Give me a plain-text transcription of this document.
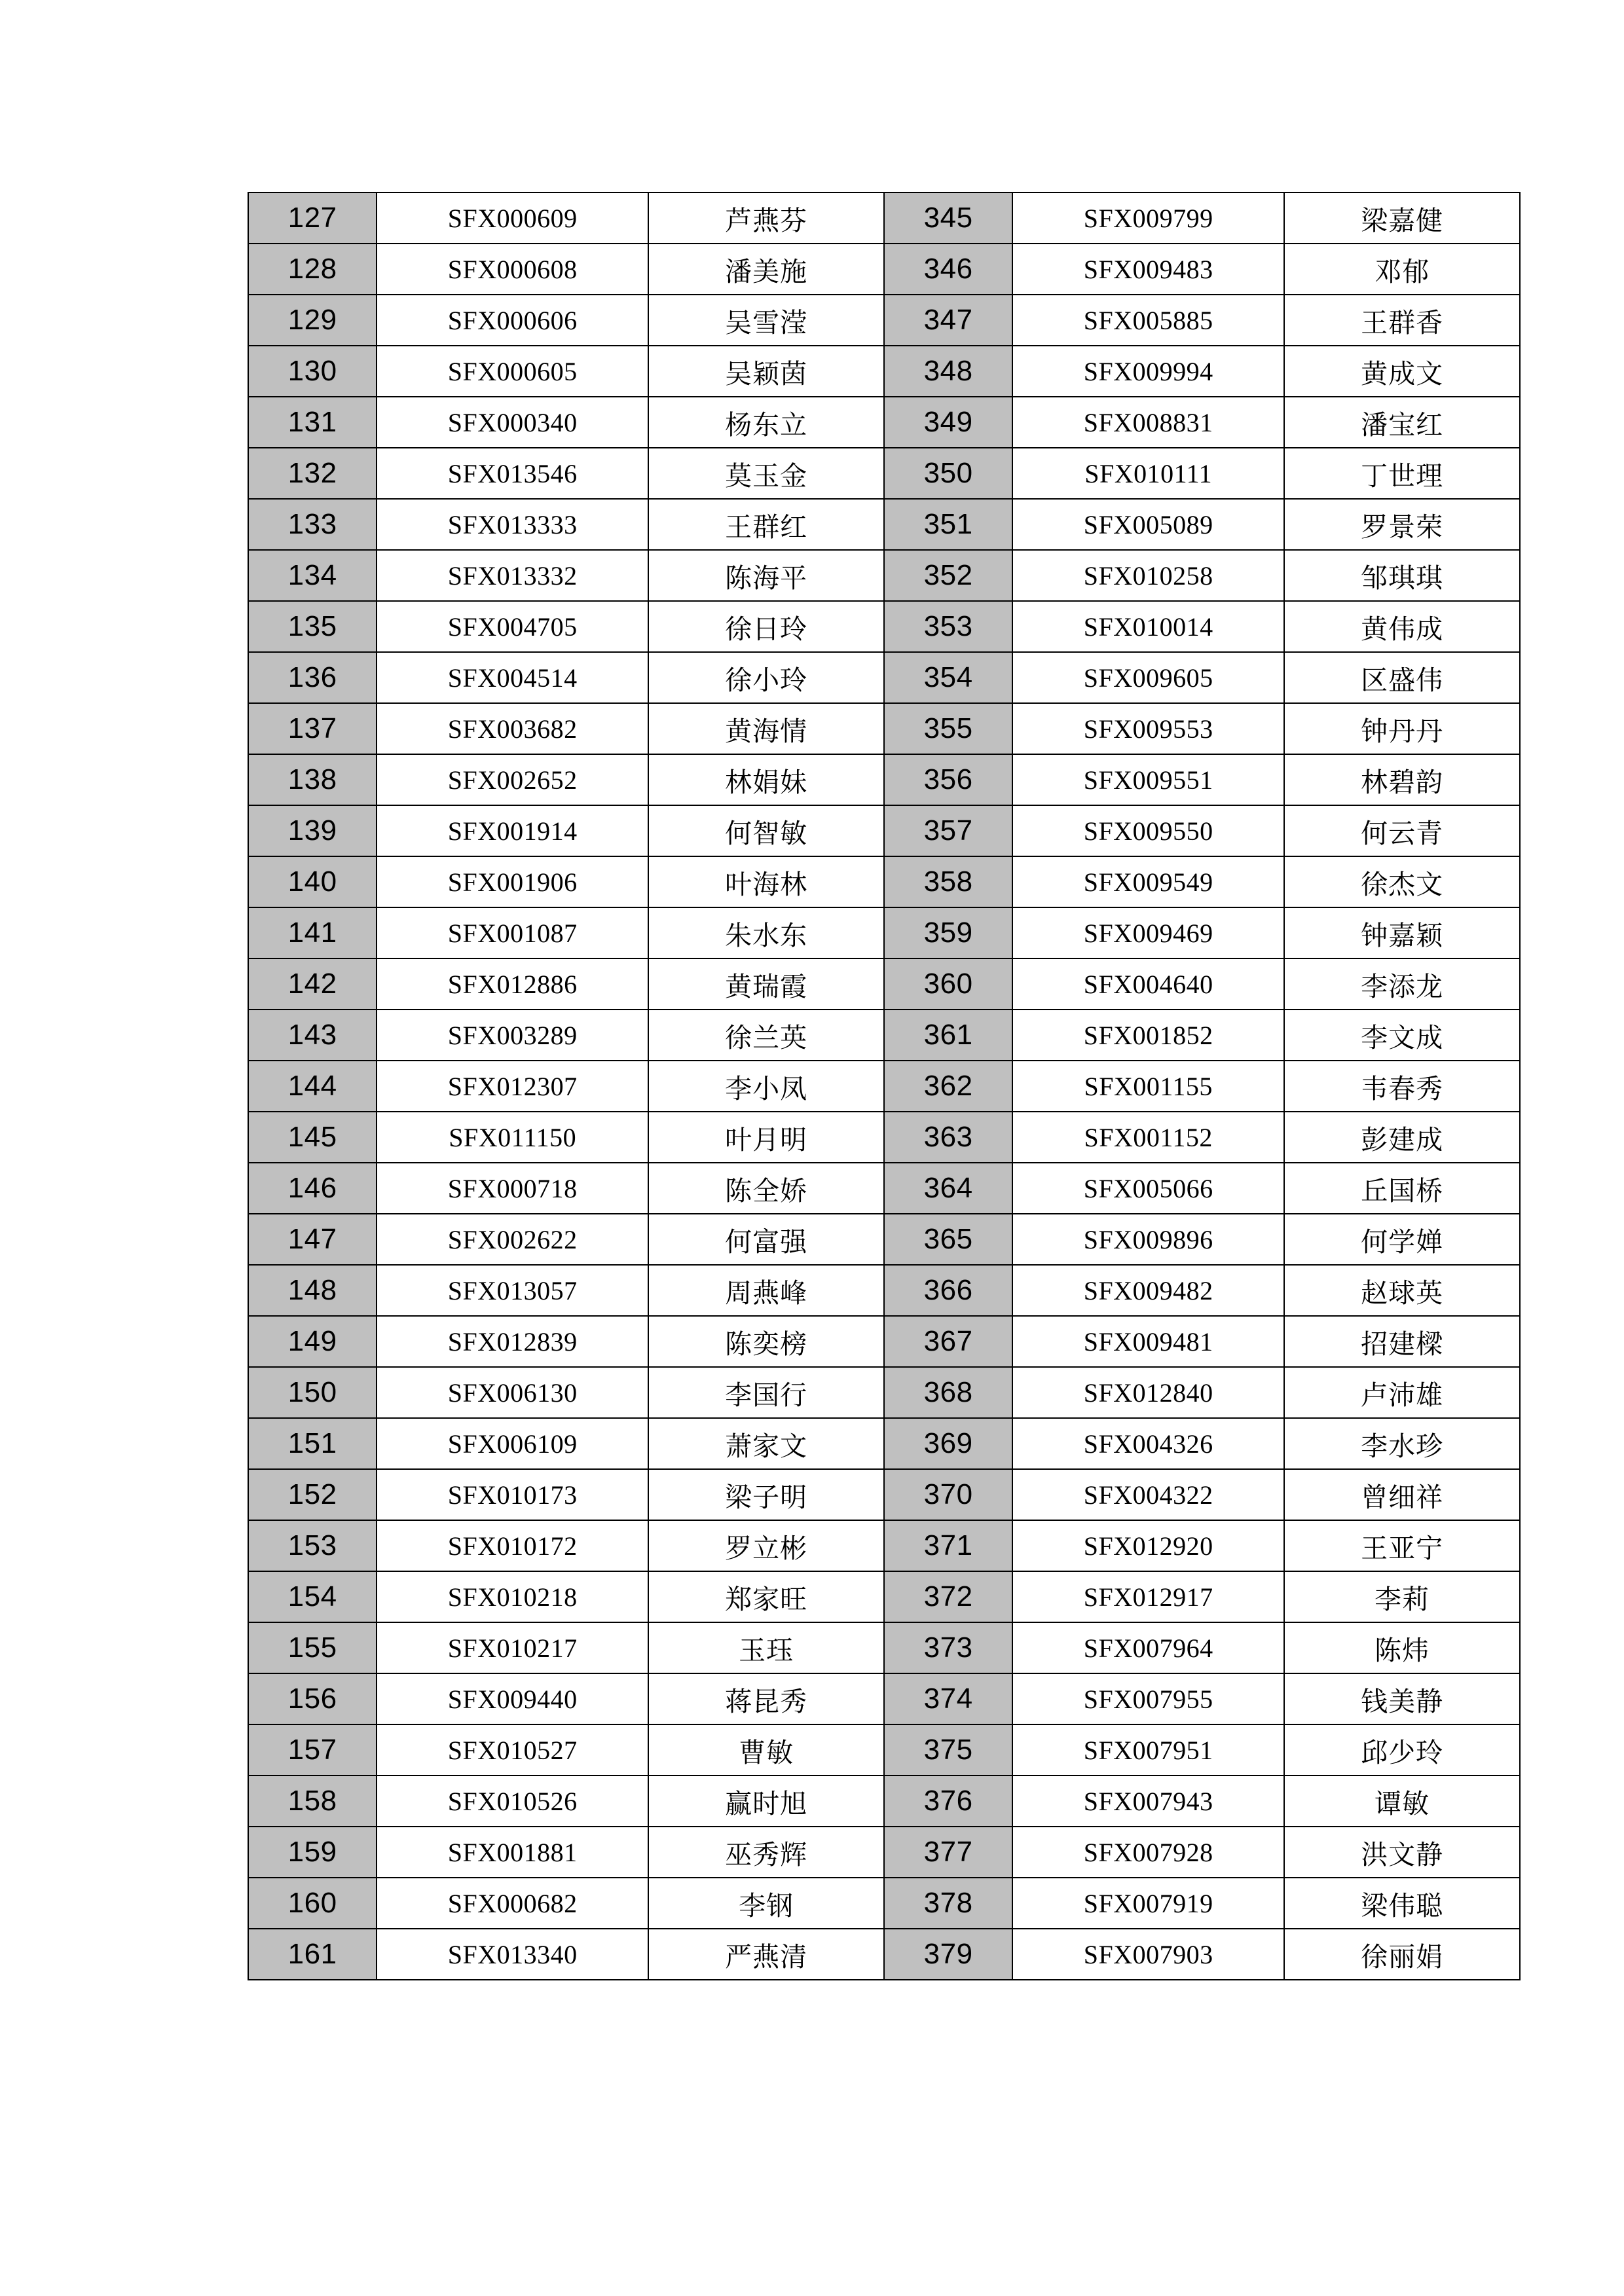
127	SFX000609	芦燕芬	345	SFX009799	梁嘉健
128	SFX000608	潘美施	346	SFX009483	邓郁
129	SFX000606	吴雪滢	347	SFX005885	王群香
130	SFX000605	吴颖茵	348	SFX009994	黄成文
131	SFX000340	杨东立	349	SFX008831	潘宝红
132	SFX013546	莫玉金	350	SFX010111	丁世理
133	SFX013333	王群红	351	SFX005089	罗景荣
134	SFX013332	陈海平	352	SFX010258	邹琪琪
135	SFX004705	徐日玲	353	SFX010014	黄伟成
136	SFX004514	徐小玲	354	SFX009605	区盛伟
137	SFX003682	黄海情	355	SFX009553	钟丹丹
138	SFX002652	林娟妹	356	SFX009551	林碧韵
139	SFX001914	何智敏	357	SFX009550	何云青
140	SFX001906	叶海林	358	SFX009549	徐杰文
141	SFX001087	朱水东	359	SFX009469	钟嘉颖
142	SFX012886	黄瑞霞	360	SFX004640	李添龙
143	SFX003289	徐兰英	361	SFX001852	李文成
144	SFX012307	李小凤	362	SFX001155	韦春秀
145	SFX011150	叶月明	363	SFX001152	彭建成
146	SFX000718	陈全娇	364	SFX005066	丘国桥
147	SFX002622	何富强	365	SFX009896	何学婵
148	SFX013057	周燕峰	366	SFX009482	赵球英
149	SFX012839	陈奕榜	367	SFX009481	招建樑
150	SFX006130	李国行	368	SFX012840	卢沛雄
151	SFX006109	萧家文	369	SFX004326	李水珍
152	SFX010173	梁子明	370	SFX004322	曾细祥
153	SFX010172	罗立彬	371	SFX012920	王亚宁
154	SFX010218	郑家旺	372	SFX012917	李莉
155	SFX010217	玉珏	373	SFX007964	陈炜
156	SFX009440	蒋昆秀	374	SFX007955	钱美静
157	SFX010527	曹敏	375	SFX007951	邱少玲
158	SFX010526	赢时旭	376	SFX007943	谭敏
159	SFX001881	巫秀辉	377	SFX007928	洪文静
160	SFX000682	李钢	378	SFX007919	梁伟聪
161	SFX013340	严燕清	379	SFX007903	徐丽娟
